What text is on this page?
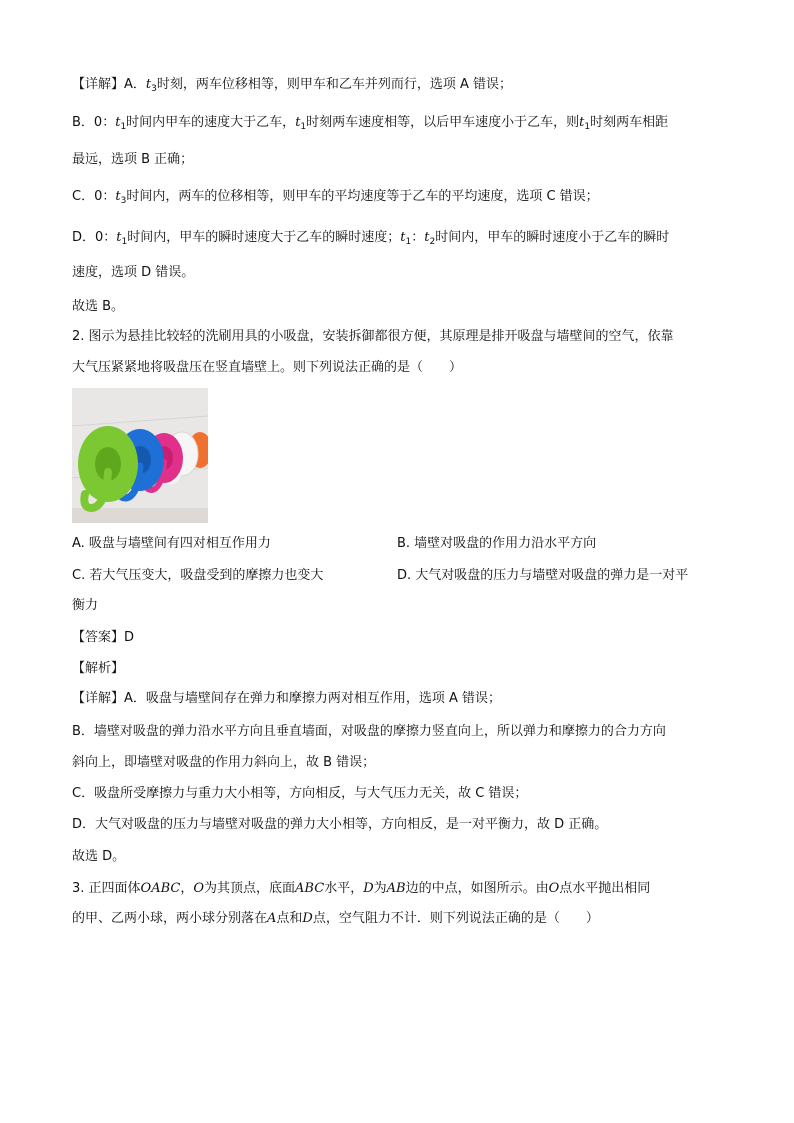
【详解】A．$t_3$时刻，两车位移相等，则甲车和乙车并列而行，选项 A 错误；
B．0：$t_1$时间内甲车的速度大于乙车，$t_1$时刻两车速度相等，以后甲车速度小于乙车，则$t_1$时刻两车相距
最远，选项 B 正确；
C．0：$t_3$时间内，两车的位移相等，则甲车的平均速度等于乙车的平均速度，选项 C 错误；
D．0：$t_1$时间内，甲车的瞬时速度大于乙车的瞬时速度；$t_1$：$t_2$时间内，甲车的瞬时速度小于乙车的瞬时
速度，选项 D 错误。
故选 B。
2. 图示为悬挂比较轻的洗刷用具的小吸盘，安装拆御都很方便，其原理是排开吸盘与墙壁间的空气，依靠
大气压紧紧地将吸盘压在竖直墙壁上。则下列说法正确的是（　　）
A. 吸盘与墙壁间有四对相互作用力	B. 墙壁对吸盘的作用力沿水平方向
C. 若大气压变大，吸盘受到的摩擦力也变大	D. 大气对吸盘的压力与墙壁对吸盘的弹力是一对平
衡力
【答案】D
【解析】
【详解】A．吸盘与墙壁间存在弹力和摩擦力两对相互作用，选项 A 错误；
B．墙壁对吸盘的弹力沿水平方向且垂直墙面，对吸盘的摩擦力竖直向上，所以弹力和摩擦力的合力方向
斜向上，即墙壁对吸盘的作用力斜向上，故 B 错误；
C．吸盘所受摩擦力与重力大小相等，方向相反，与大气压力无关，故 C 错误；
D．大气对吸盘的压力与墙壁对吸盘的弹力大小相等，方向相反，是一对平衡力，故 D 正确。
故选 D。
3. 正四面体OABC，O为其顶点，底面ABC水平，D为AB边的中点，如图所示。由O点水平抛出相同
的甲、乙两小球，两小球分别落在A点和D点，空气阻力不计．则下列说法正确的是（　　）
